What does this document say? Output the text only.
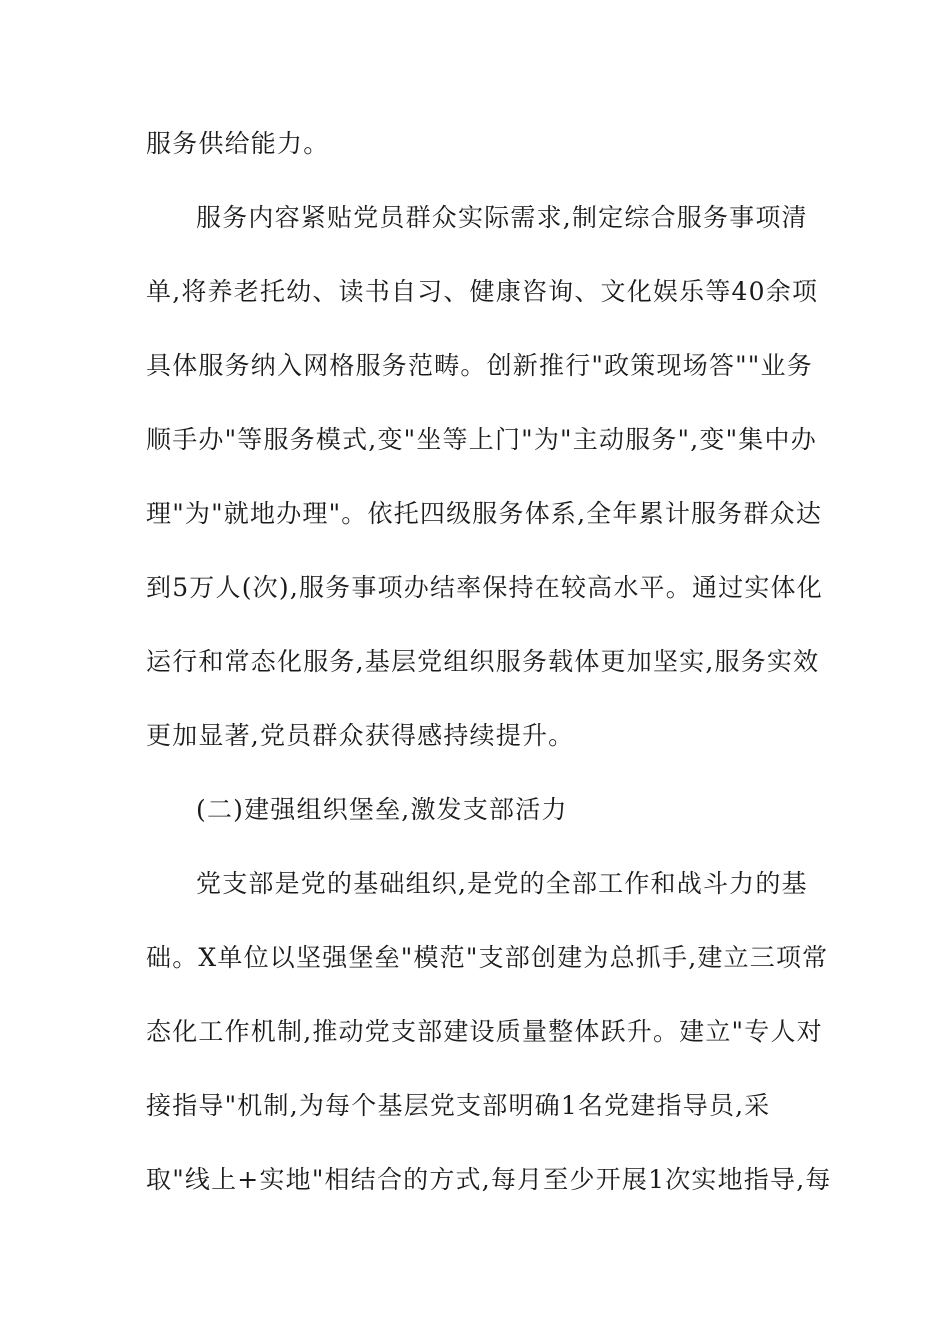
服务供给能力。
服务内容紧贴党员群众实际需求,制定综合服务事项清
单,将养老托幼、读书自习、健康咨询、文化娱乐等40余项
具体服务纳入网格服务范畴。创新推行"政策现场答""业务
顺手办"等服务模式,变"坐等上门"为"主动服务",变"集中办
理"为"就地办理"。依托四级服务体系,全年累计服务群众达
到5万人(次),服务事项办结率保持在较高水平。通过实体化
运行和常态化服务,基层党组织服务载体更加坚实,服务实效
更加显著,党员群众获得感持续提升。
(二)建强组织堡垒,激发支部活力
党支部是党的基础组织,是党的全部工作和战斗力的基
础。X单位以坚强堡垒"模范"支部创建为总抓手,建立三项常
态化工作机制,推动党支部建设质量整体跃升。建立"专人对
接指导"机制,为每个基层党支部明确1名党建指导员,采
取"线上+实地"相结合的方式,每月至少开展1次实地指导,每
